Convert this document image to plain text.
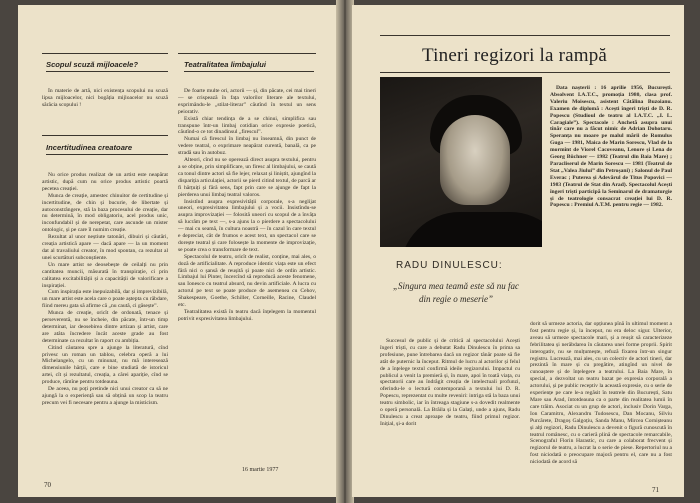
Scopul scuză mijloacele?

În materie de artă, nici existența scopului nu scuză lipsa mijloacelor, nici bogăția mijloacelor nu scuză sărăcia scopului !

Incertitudinea creatoare

Nu orice produs realizat de un artist este neapărat artistic, după cum nu orice produs artistic poartă pecetea creației.

Munca de creație, amestec chinuitor de certitudine și incertitudine, de chin și bucurie, de libertate și autoconstrângere, stă la baza procesului de creație, dar nu determină, în mod obligatoriu, acel produs unic, inconfundabil și de nerepetat, care ascunde un mister ontologic, și pe care îl numim creație.

Rezultat al unor neștiute tatonări, dibuiri și căutări, creația artistică apare — dacă apare — la un moment dat al travaliului creator, în mod spontan, ca rezultat al unei scurtături subconștiente.

Un mare artist se deosebește de ceilalți nu prin cantitatea muncii, măsurată în transpirație, ci prin calitatea excitabilității și a capacității de valorificare a inspirației.

Cum inspirația este inepuizabilă, dar și imprevizibilă, un mare artist este acela care o poate aștepta cu răbdare, fiind mereu gata să afirme că „nu caută, ci găsește”.

Munca de creație, oricît de ordonată, tenace și perseverentă, nu se încheie, din păcate, într-un timp determinat, iar deosebirea dintre artizan și artist, care are atâta încredere încât aceste grade au fost determinate ca rezultat în raport cu ambiția.

Citind căutarea spre a ajunge la literatură, cînd privesc un roman un tablou, celebra operă a lui Michelangelo, cu un minunat, nu mă interesează dimensiunile hărții, care e bine studiată de istoricul artei, cît și rezultatul, creația, a cărei apariție, cînd se produce, rămîne pentru totdeauna.

De aceea, nu poți pretinde nici unui creator ca să ne ajungă la o experiență sau să obțină un scop la teatru precum vei fi necesare pentru a ajunge la misticism.

Teatralitatea limbajului

De foarte multe ori, actorii — și, din păcate, cei mai tineri — se crispează în fața valorilor literare ale textului, exprimându-le „stilat-literar” căutînd în textul un sens peiorativ.

Există chiar tendința de a se chinui, simplifica sau transpune într-un limbaj cotidian orice expresie poetică, căutînd-o ce tot dinadinsul „firescul”.

Numai că firescul în limbaj nu înseamnă, din punct de vedere teatral, o exprimare neapărat curentă, banală, ca pe stradă sau în autobuz.

Alteori, cînd nu se operează direct asupra textului, pentru a se obține, prin simplificare, un firesc al limbajului, se caută ca tonul dintre actori să fie lejer, relaxat și liniștit, ajungînd la dispariția articulației, actorii se pierd citind textul, de parcă ar fi hărțuiți și fără sens, fapt prin care se ajunge de fapt la pierderea unui limbaj teatral valoros.

Insistînd asupra expresivității corporale, s-a neglijat uneori, expresivitatea limbajului și a vocii. Insistîndu-se asupra improvizației — folosită uneori cu scopul de a învăța să lucrăm pe text —, s-a ajuns la o pierdere a spectacolului — mai cu seamă, în cultura noastră — în cazul în care textul e depreciat, cât de frumos e acest text, un spectacol care se dorește teatral și care folosește la momente de improvizație, se poate crea o transformare de text.

Spectacolul de teatru, oricît de realist, conține, mai ales, o doză de artificialitate. A reproduce identic viața este un efect fără nici o șansă de reușită și poate nici de ordin artistic. Limbajul lui Pinter, încercînd să reproducă aceste fenomene, sau Ionesco cu teatrul absurd, nu devin artificiale. A lucra cu actorul pe text se poate produce de asemenea cu Cehov, Shakespeare, Goethe, Schiller, Corneille, Racine, Claudel etc.

Teatralitatea există în teatru dacă înțelegem la momentul potrivit expresivitatea limbajului.

16 martie 1977
70
Tineri regizori la rampă

Data nașterii : 16 aprilie 1956, București. Absolvent I.A.T.C., promoția 1980, clasa prof. Valeriu Moisescu, asistent Cătălina Buzoianu. Examen de diplomă : Acești îngeri triști de D. R. Popescu (Studioul de teatru al I.A.T.C. „I. L. Caragiale”). Spectacole : Anchetă asupra unui tînăr care nu a făcut nimic de Adrian Dohotaru. Speranța nu moare pe malul mării de Romulus Guga — 1981, Maica de Marin Sorescu, Vlad de la mormînt de Viorel Cacoveanu, Lenore și Lena de Georg Büchner — 1982 (Teatrul din Baia Mare) ; Paracliserul de Marin Sorescu — 1981 (Teatrul de Stat „Valea Jiului” din Petroșani) ; Salonul de Paul Everac ; Puterea și Adevărul de Titus Popovici — 1983 (Teatrul de Stat din Arad). Spectacolul Acești îngeri triști participă la Seminarul de dramaturgie și de teatrologie consacrat creației lui D. R. Popescu : Premiul A.T.M. pentru regie — 1982.

RADU DINULESCU:
„Singura mea teamă este să nu fac din regie o meserie”

Succesul de public și de critică al spectacolului Acești îngeri triști, cu care a debutat Radu Dinulescu în prima sa profesiune, pune întrebarea dacă un regizor tânăr poate să fie atât de puternic la început. Ritmul de lucru al actorilor și felul de a înțelege textul confirmă ideile regizorului. Impactul cu publicul a venit la premieră și, în mare, apoi în toată viața, cu spectatorii care au îndrăgit creația de intelectuali profunzi, oferindu-le o lectură contemporană a textului lui D. R. Popescu, reprezentat cu multe reveniri: intriga stă la baza unui teatru simbolic, iar în întreaga stagiune s-a dovedit realmente o operă personală. La Brăila și la Galați, unde a ajuns, Radu Dinulescu a creat aproape de teatru, fiind primul regizor. Inițial, și-a dorit

dorit să urmeze actoria, dar opțiunea pînă în ultimul moment a fost pentru regie și, la început, nu era deloc sigur. Ulterior, aveau să urmeze spectacole mari, și a reușit să caracterizeze febrilitatea și nerăbdarea în căutarea unei forme proprii. Spirit interogativ, nu se mulțumește, refuză fixarea într-un singur registru. Lucrează, mai ales, cu un colectiv de actori tineri, dar prezintă în mare și cu pregătire, atingînd un nivel de cunoaștere și de înțelegere a teatrului. La Baia Mare, în special, a dezvoltat un teatru bazat pe expresia corporală a actorului, și pe public receptiv la această expresie, cu o serie de experiențe pe care le-a regăsit în teatrele din București, Satu Mare sau Arad, întotdeauna ca o parte din realitatea lumii în care trăim. Asociat cu un grup de actori, inclusiv Dorin Varga, Ion Caramitru, Alexandru Tudosescu, Dan Mocanu, Silviu Purcărete, Dragoș Galgoțiu, Sanda Manu, Mircea Cornișteanu și alți regizori, Radu Dinulescu a devenit o figură cunoscută în teatrul românesc, cu o carieră plină de spectacole remarcabile, Scenograful Florin Harastic, cu care a colaborat frecvent și regizorul de teatru, a lucrat la o serie de piese. Repertoriul nu a fost niciodată o preocupare majoră pentru el, care nu a fost niciodată de acord să

71
